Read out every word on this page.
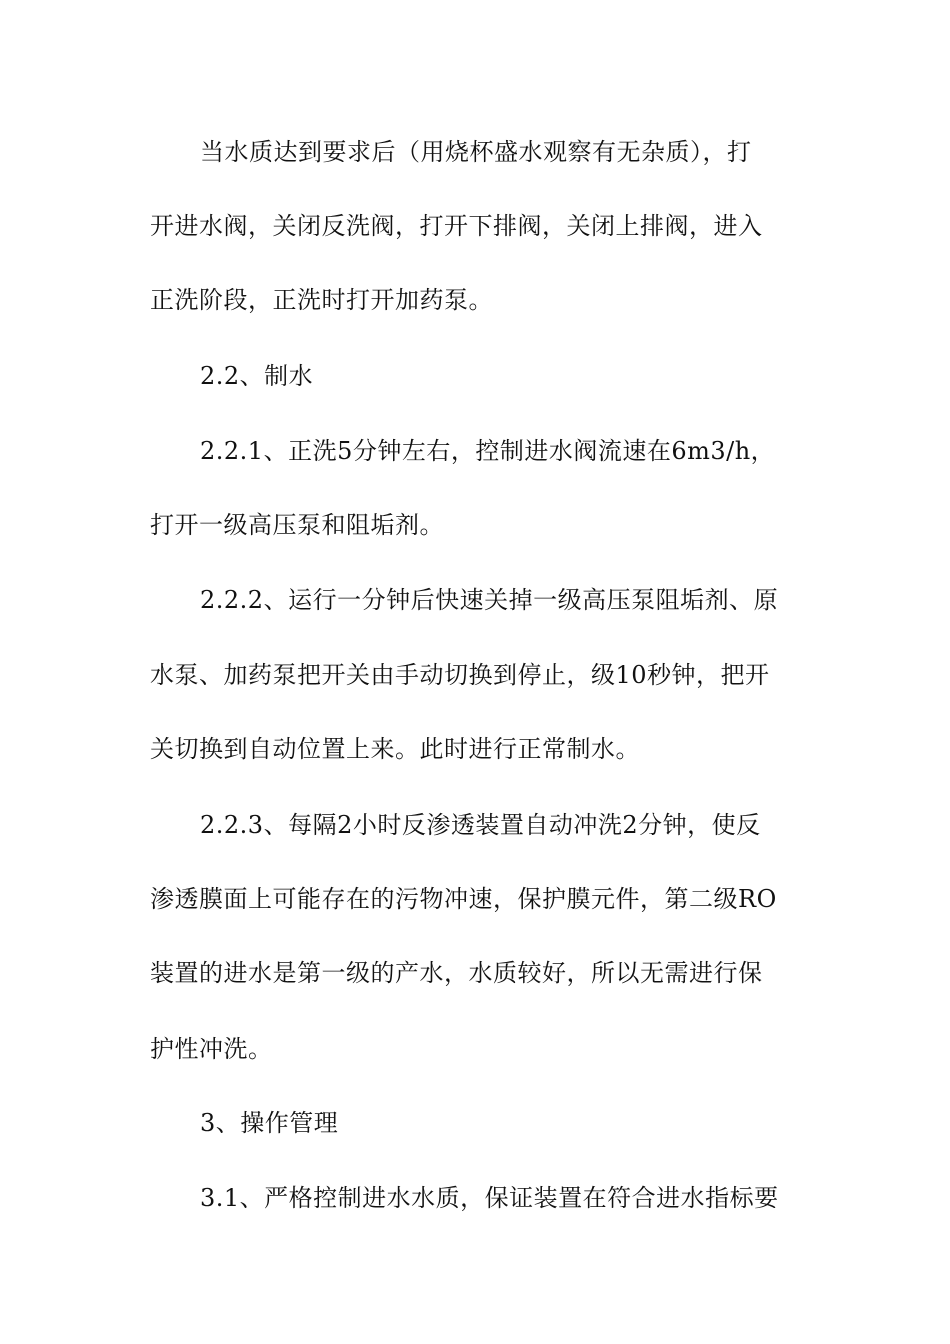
当水质达到要求后（用烧杯盛水观察有无杂质），打
开进水阀，关闭反洗阀，打开下排阀，关闭上排阀，进入
正洗阶段，正洗时打开加药泵。
2.2、制水
2.2.1、正洗5分钟左右，控制进水阀流速在6m3/h，
打开一级高压泵和阻垢剂。
2.2.2、运行一分钟后快速关掉一级高压泵阻垢剂、原
水泵、加药泵把开关由手动切换到停止，级10秒钟，把开
关切换到自动位置上来。此时进行正常制水。
2.2.3、每隔2小时反渗透装置自动冲洗2分钟，使反
渗透膜面上可能存在的污物冲速，保护膜元件，第二级RO
装置的进水是第一级的产水，水质较好，所以无需进行保
护性冲洗。
3、操作管理
3.1、严格控制进水水质，保证装置在符合进水指标要
